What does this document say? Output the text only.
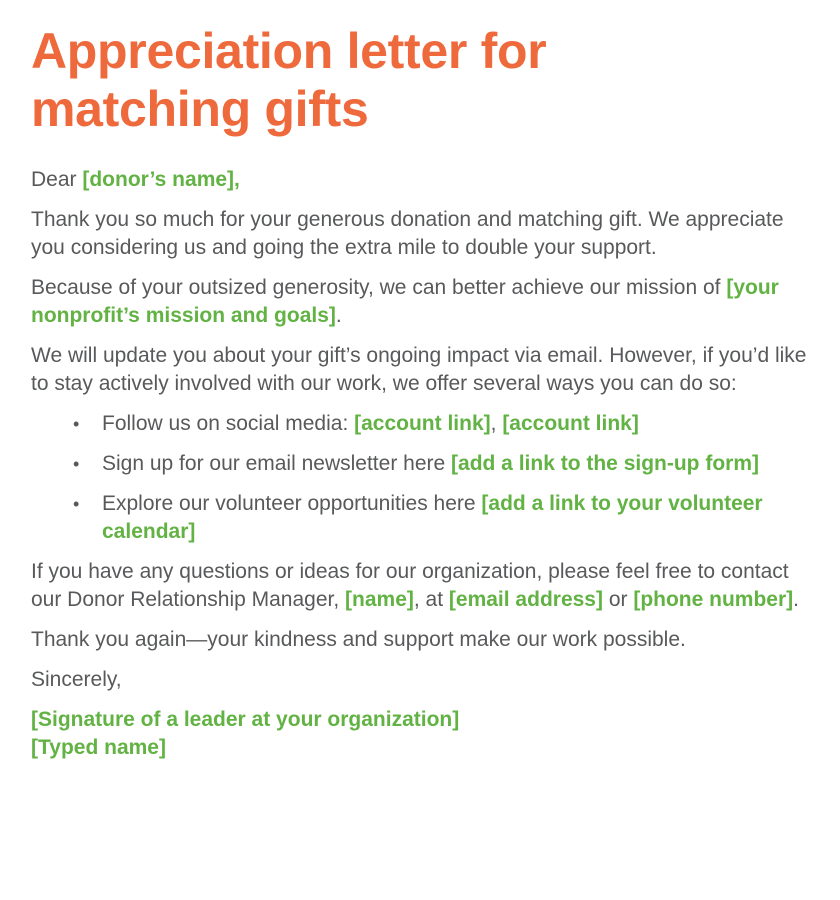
Appreciation letter for
matching gifts

Dear [donor’s name],

Thank you so much for your generous donation and matching gift. We appreciate you considering us and going the extra mile to double your support.

Because of your outsized generosity, we can better achieve our mission of [your nonprofit’s mission and goals].

We will update you about your gift’s ongoing impact via email. However, if you’d like to stay actively involved with our work, we offer several ways you can do so:

• Follow us on social media: [account link], [account link]
• Sign up for our email newsletter here [add a link to the sign-up form]
• Explore our volunteer opportunities here [add a link to your volunteer calendar]

If you have any questions or ideas for our organization, please feel free to contact our Donor Relationship Manager, [name], at [email address] or [phone number].

Thank you again—your kindness and support make our work possible.

Sincerely,

[Signature of a leader at your organization]
[Typed name]
